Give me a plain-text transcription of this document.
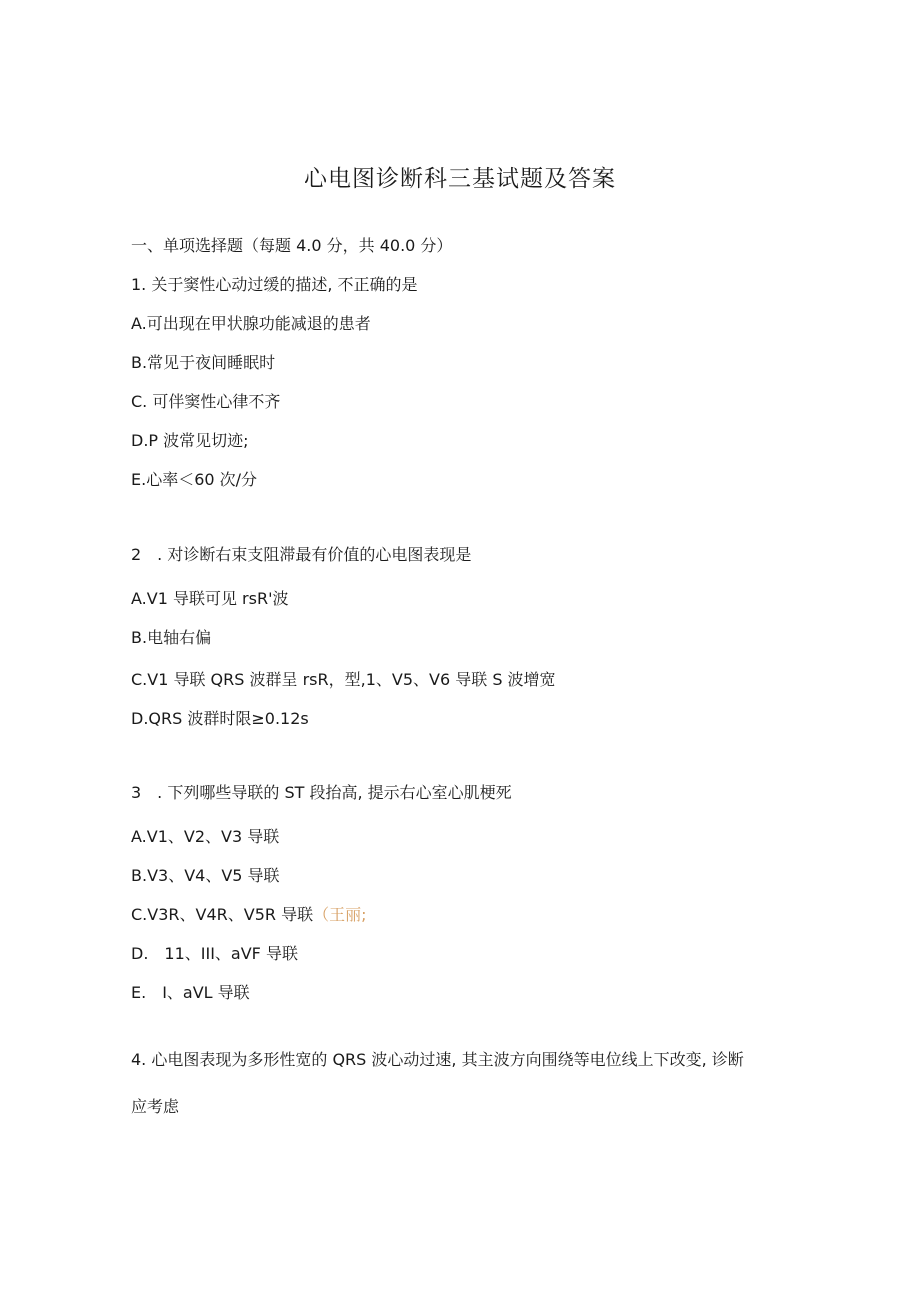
心电图诊断科三基试题及答案
一、单项选择题（每题 4.0 分，共 40.0 分）
1. 关于窦性心动过缓的描述, 不正确的是
A.可出现在甲状腺功能减退的患者
B.常见于夜间睡眠时
C. 可伴窦性心律不齐
D.P 波常见切迹;
E.心率＜60 次/分
2　. 对诊断右束支阻滞最有价值的心电图表现是
A.V1 导联可见 rsR'波
B.电轴右偏
C.V1 导联 QRS 波群呈 rsR，型,1、V5、V6 导联 S 波增宽
D.QRS 波群时限≥0.12s
3　. 下列哪些导联的 ST 段抬高, 提示右心室心肌梗死
A.V1、V2、V3 导联
B.V3、V4、V5 导联
C.V3R、V4R、V5R 导联（王丽;
D.　11、III、aVF 导联
E.　I、aVL 导联
4. 心电图表现为多形性宽的 QRS 波心动过速, 其主波方向围绕等电位线上下改变, 诊断
应考虑
